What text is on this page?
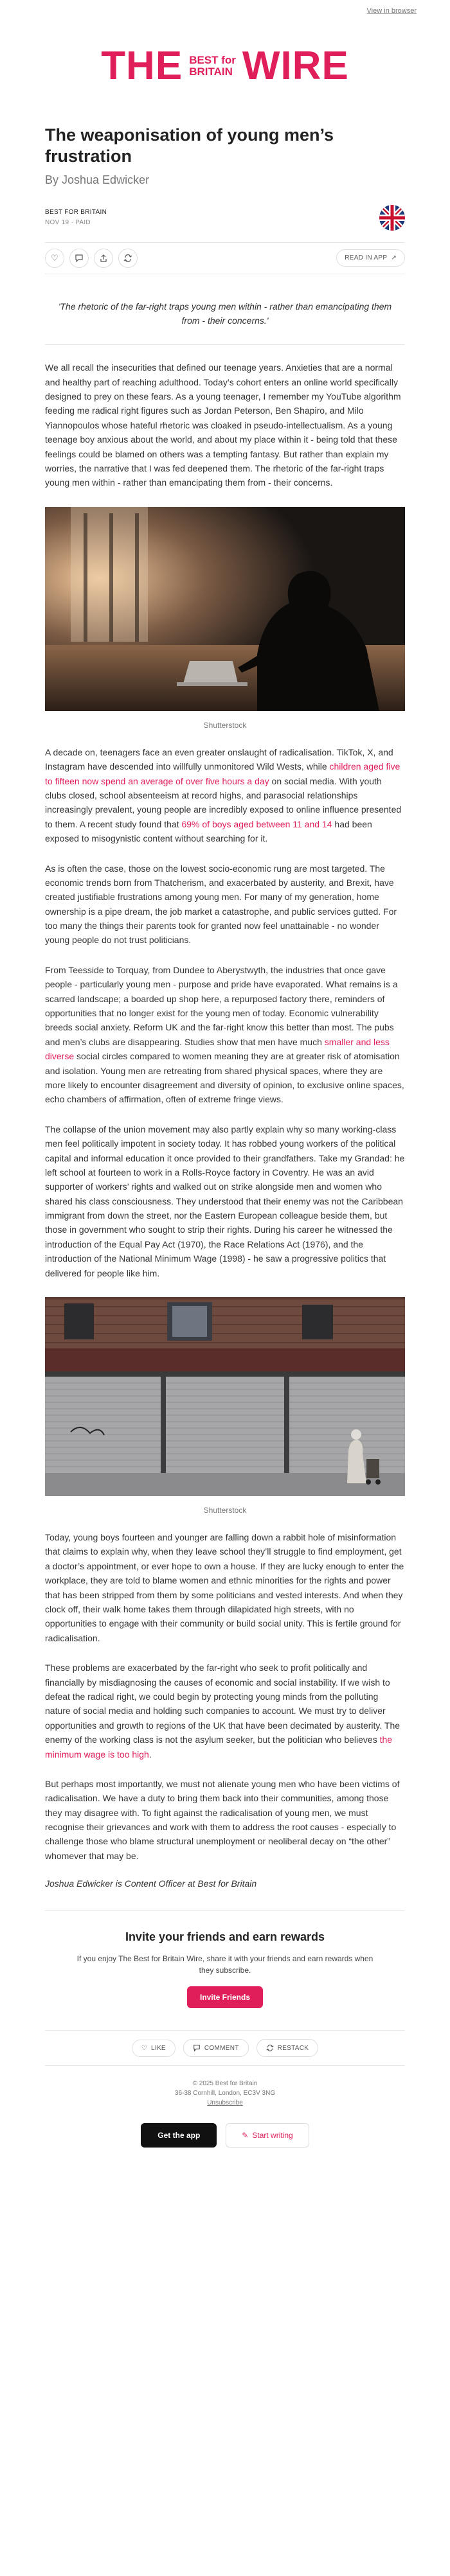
View in browser
THE BEST for
BRITAIN WIRE
The weaponisation of young men’s frustration
By Joshua Edwicker
BEST FOR BRITAIN
NOV 19 · PAID
♡	READ IN APP ↗
'The rhetoric of the far-right traps young men within - rather than emancipating them from - their concerns.'

We all recall the insecurities that defined our teenage years. Anxieties that are a normal and healthy part of reaching adulthood. Today’s cohort enters an online world specifically designed to prey on these fears. As a young teenager, I remember my YouTube algorithm feeding me radical right figures such as Jordan Peterson, Ben Shapiro, and Milo Yiannopoulos whose hateful rhetoric was cloaked in pseudo-intellectualism. As a young teenage boy anxious about the world, and about my place within it - being told that these feelings could be blamed on others was a tempting fantasy. But rather than explain my worries, the narrative that I was fed deepened them. The rhetoric of the far-right traps young men within - rather than emancipating them from - their concerns.

Shutterstock

A decade on, teenagers face an even greater onslaught of radicalisation. TikTok, X, and Instagram have descended into willfully unmonitored Wild Wests, while children aged five to fifteen now spend an average of over five hours a day on social media. With youth clubs closed, school absenteeism at record highs, and parasocial relationships increasingly prevalent, young people are incredibly exposed to online influence presented to them. A recent study found that 69% of boys aged between 11 and 14 had been exposed to misogynistic content without searching for it.

As is often the case, those on the lowest socio-economic rung are most targeted. The economic trends born from Thatcherism, and exacerbated by austerity, and Brexit, have created justifiable frustrations among young men. For many of my generation, home ownership is a pipe dream, the job market a catastrophe, and public services gutted. For too many the things their parents took for granted now feel unattainable - no wonder young people do not trust politicians.

From Teesside to Torquay, from Dundee to Aberystwyth, the industries that once gave people - particularly young men - purpose and pride have evaporated. What remains is a scarred landscape; a boarded up shop here, a repurposed factory there, reminders of opportunities that no longer exist for the young men of today. Economic vulnerability breeds social anxiety. Reform UK and the far-right know this better than most. The pubs and men’s clubs are disappearing. Studies show that men have much smaller and less diverse social circles compared to women meaning they are at greater risk of atomisation and isolation. Young men are retreating from shared physical spaces, where they are more likely to encounter disagreement and diversity of opinion, to exclusive online spaces, echo chambers of affirmation, often of extreme fringe views.

The collapse of the union movement may also partly explain why so many working-class men feel politically impotent in society today. It has robbed young workers of the political capital and informal education it once provided to their grandfathers. Take my Grandad: he left school at fourteen to work in a Rolls-Royce factory in Coventry. He was an avid supporter of workers’ rights and walked out on strike alongside men and women who shared his class consciousness. They understood that their enemy was not the Caribbean immigrant from down the street, nor the Eastern European colleague beside them, but those in government who sought to strip their rights. During his career he witnessed the introduction of the Equal Pay Act (1970), the Race Relations Act (1976), and the introduction of the National Minimum Wage (1998) - he saw a progressive politics that delivered for people like him.

Shutterstock

Today, young boys fourteen and younger are falling down a rabbit hole of misinformation that claims to explain why, when they leave school they’ll struggle to find employment, get a doctor’s appointment, or ever hope to own a house. If they are lucky enough to enter the workplace, they are told to blame women and ethnic minorities for the rights and power that has been stripped from them by some politicians and vested interests. And when they clock off, their walk home takes them through dilapidated high streets, with no opportunities to engage with their community or build social unity. This is fertile ground for radicalisation.

These problems are exacerbated by the far-right who seek to profit politically and financially by misdiagnosing the causes of economic and social instability. If we wish to defeat the radical right, we could begin by protecting young minds from the polluting nature of social media and holding such companies to account. We must try to deliver opportunities and growth to regions of the UK that have been decimated by austerity. The enemy of the working class is not the asylum seeker, but the politician who believes the minimum wage is too high.

But perhaps most importantly, we must not alienate young men who have been victims of radicalisation. We have a duty to bring them back into their communities, among those they may disagree with. To fight against the radicalisation of young men, we must recognise their grievances and work with them to address the root causes - especially to challenge those who blame structural unemployment or neoliberal decay on “the other” whomever that may be.

Joshua Edwicker is Content Officer at Best for Britain

Invite your friends and earn rewards

If you enjoy The Best for Britain Wire, share it with your friends and earn rewards when they subscribe.

Invite Friends
♡ LIKE	COMMENT	RESTACK
© 2025 Best for Britain
36-38 Cornhill, London, EC3V 3NG
Unsubscribe
Get the app	✎ Start writing
